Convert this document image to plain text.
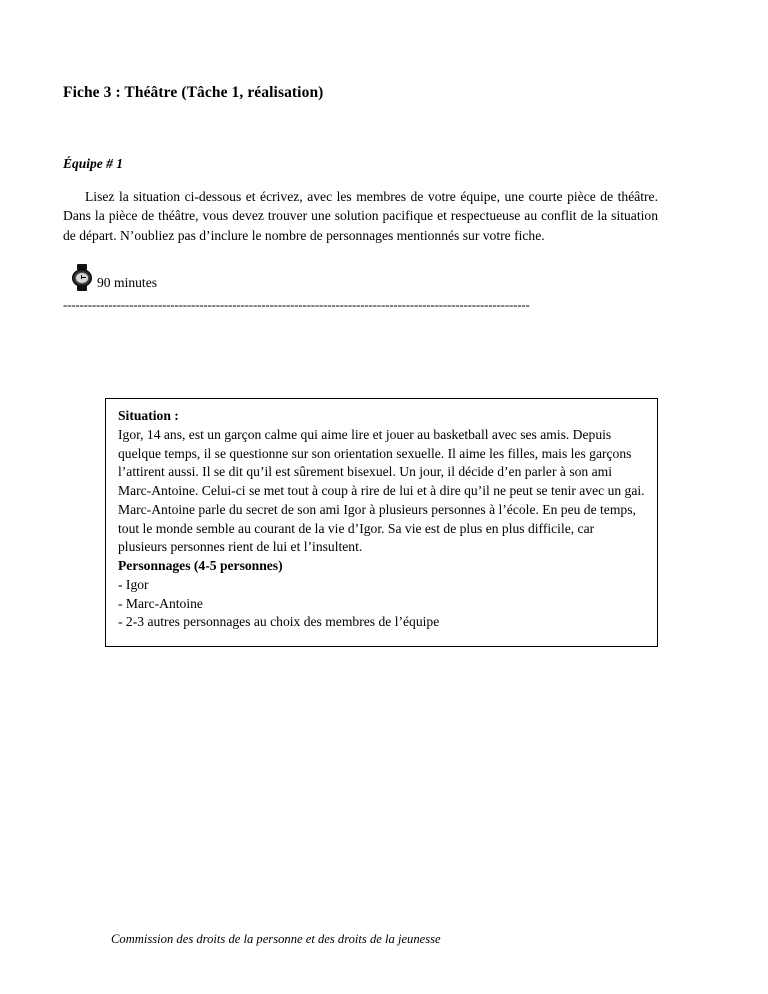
Fiche 3 : Théâtre (Tâche 1, réalisation)
Équipe # 1
Lisez la situation ci-dessous et écrivez, avec les membres de votre équipe, une courte pièce de théâtre. Dans la pièce de théâtre, vous devez trouver une solution pacifique et respectueuse au conflit de la situation de départ. N’oubliez pas d’inclure le nombre de personnages mentionnés sur votre fiche.
90 minutes
-----------------------------------------------------------------------------------------------------------------

Situation :

Igor, 14 ans, est un garçon calme qui aime lire et jouer au basketball avec ses amis. Depuis quelque temps, il se questionne sur son orientation sexuelle. Il aime les filles, mais les garçons l’attirent aussi. Il se dit qu’il est sûrement bisexuel. Un jour, il décide d’en parler à son ami Marc-Antoine. Celui-ci se met tout à coup à rire de lui et à dire qu’il ne peut se tenir avec un gai. Marc-Antoine parle du secret de son ami Igor à plusieurs personnes à l’école. En peu de temps, tout le monde semble au courant de la vie d’Igor. Sa vie est de plus en plus difficile, car plusieurs personnes rient de lui et l’insultent.

Personnages (4-5 personnes)

- Igor

- Marc-Antoine

- 2-3 autres personnages au choix des membres de l’équipe

Commission des droits de la personne et des droits de la jeunesse
